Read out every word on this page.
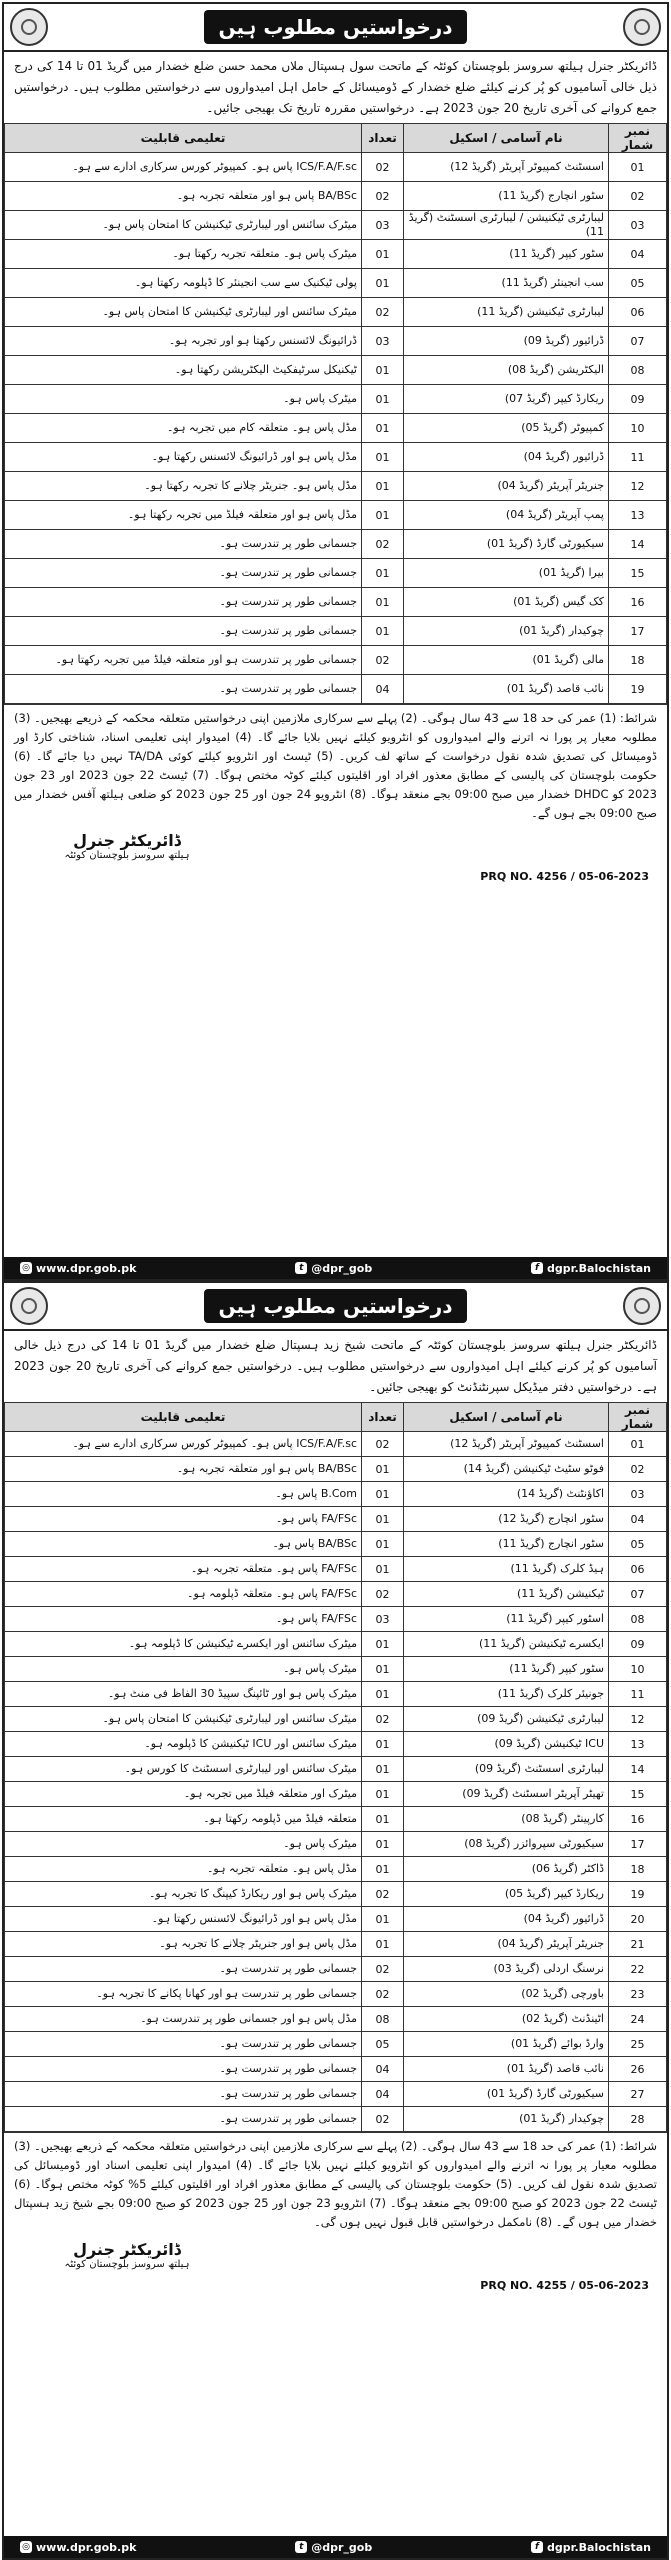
درخواستیں مطلوب ہیں
ڈائریکٹر جنرل ہیلتھ سروسز بلوچستان کوئٹہ کے ماتحت سول ہسپتال ملاں محمد حسن ضلع خضدار میں گریڈ 01 تا 14 کی درج ذیل خالی آسامیوں کو پُر کرنے کیلئے ضلع خضدار کے ڈومیسائل کے حامل اہل امیدواروں سے درخواستیں مطلوب ہیں۔ درخواستیں جمع کروانے کی آخری تاریخ 20 جون 2023 ہے۔ درخواستیں مقررہ تاریخ تک بھیجی جائیں۔
نمبر شمار	نام آسامی / اسکیل	تعداد	تعلیمی قابلیت
01	اسسٹنٹ کمپیوٹر آپریٹر (گریڈ 12)	02	ICS/F.A/F.sc پاس ہو۔ کمپیوٹر کورس سرکاری ادارے سے ہو۔
02	سٹور انچارج (گریڈ 11)	02	BA/BSc پاس ہو اور متعلقہ تجربہ ہو۔
03	لیبارٹری ٹیکنیشن / لیبارٹری اسسٹنٹ (گریڈ 11)	03	میٹرک سائنس اور لیبارٹری ٹیکنیشن کا امتحان پاس ہو۔
04	سٹور کیپر (گریڈ 11)	01	میٹرک پاس ہو۔ متعلقہ تجربہ رکھتا ہو۔
05	سب انجینئر (گریڈ 11)	01	پولی ٹیکنیک سے سب انجینئر کا ڈپلومہ رکھتا ہو۔
06	لیبارٹری ٹیکنیشن (گریڈ 11)	02	میٹرک سائنس اور لیبارٹری ٹیکنیشن کا امتحان پاس ہو۔
07	ڈرائیور (گریڈ 09)	03	ڈرائیونگ لائسنس رکھتا ہو اور تجربہ ہو۔
08	الیکٹریشن (گریڈ 08)	01	ٹیکنیکل سرٹیفکیٹ الیکٹریشن رکھتا ہو۔
09	ریکارڈ کیپر (گریڈ 07)	01	میٹرک پاس ہو۔
10	کمپیوٹر (گریڈ 05)	01	مڈل پاس ہو۔ متعلقہ کام میں تجربہ ہو۔
11	ڈرائیور (گریڈ 04)	01	مڈل پاس ہو اور ڈرائیونگ لائسنس رکھتا ہو۔
12	جنریٹر آپریٹر (گریڈ 04)	01	مڈل پاس ہو۔ جنریٹر چلانے کا تجربہ رکھتا ہو۔
13	پمپ آپریٹر (گریڈ 04)	01	مڈل پاس ہو اور متعلقہ فیلڈ میں تجربہ رکھتا ہو۔
14	سیکیورٹی گارڈ (گریڈ 01)	02	جسمانی طور پر تندرست ہو۔
15	بیرا (گریڈ 01)	01	جسمانی طور پر تندرست ہو۔
16	کک گیس (گریڈ 01)	01	جسمانی طور پر تندرست ہو۔
17	چوکیدار (گریڈ 01)	01	جسمانی طور پر تندرست ہو۔
18	مالی (گریڈ 01)	02	جسمانی طور پر تندرست ہو اور متعلقہ فیلڈ میں تجربہ رکھتا ہو۔
19	نائب قاصد (گریڈ 01)	04	جسمانی طور پر تندرست ہو۔
شرائط: (1) عمر کی حد 18 سے 43 سال ہوگی۔ (2) پہلے سے سرکاری ملازمین اپنی درخواستیں متعلقہ محکمہ کے ذریعے بھیجیں۔ (3) مطلوبہ معیار پر پورا نہ اترنے والے امیدواروں کو انٹرویو کیلئے نہیں بلایا جائے گا۔ (4) امیدوار اپنی تعلیمی اسناد، شناختی کارڈ اور ڈومیسائل کی تصدیق شدہ نقول درخواست کے ساتھ لف کریں۔ (5) ٹیسٹ اور انٹرویو کیلئے کوئی TA/DA نہیں دیا جائے گا۔ (6) حکومت بلوچستان کی پالیسی کے مطابق معذور افراد اور اقلیتوں کیلئے کوٹہ مختص ہوگا۔ (7) ٹیسٹ 22 جون 2023 اور 23 جون 2023 کو DHDC خضدار میں صبح 09:00 بجے منعقد ہوگا۔ (8) انٹرویو 24 جون اور 25 جون 2023 کو ضلعی ہیلتھ آفس خضدار میں صبح 09:00 بجے ہوں گے۔
ڈائریکٹر جنرل
ہیلتھ سروسز بلوچستان کوئٹہ
PRQ NO. 4256 / 05-06-2023
◎ www.dpr.gob.pk	t @dpr_gob	f dgpr.Balochistan
درخواستیں مطلوب ہیں
ڈائریکٹر جنرل ہیلتھ سروسز بلوچستان کوئٹہ کے ماتحت شیخ زید ہسپتال ضلع خضدار میں گریڈ 01 تا 14 کی درج ذیل خالی آسامیوں کو پُر کرنے کیلئے اہل امیدواروں سے درخواستیں مطلوب ہیں۔ درخواستیں جمع کروانے کی آخری تاریخ 20 جون 2023 ہے۔ درخواستیں دفتر میڈیکل سپرنٹنڈنٹ کو بھیجی جائیں۔
نمبر شمار	نام آسامی / اسکیل	تعداد	تعلیمی قابلیت
01	اسسٹنٹ کمپیوٹر آپریٹر (گریڈ 12)	02	ICS/F.A/F.sc پاس ہو۔ کمپیوٹر کورس سرکاری ادارے سے ہو۔
02	فوٹو سٹیٹ ٹیکنیشن (گریڈ 14)	01	BA/BSc پاس ہو اور متعلقہ تجربہ ہو۔
03	اکاؤنٹنٹ (گریڈ 14)	01	B.Com پاس ہو۔
04	سٹور انچارج (گریڈ 12)	01	FA/FSc پاس ہو۔
05	سٹور انچارج (گریڈ 11)	01	BA/BSc پاس ہو۔
06	ہیڈ کلرک (گریڈ 11)	01	FA/FSc پاس ہو۔ متعلقہ تجربہ ہو۔
07	ٹیکنیشن (گریڈ 11)	02	FA/FSc پاس ہو۔ متعلقہ ڈپلومہ ہو۔
08	اسٹور کیپر (گریڈ 11)	03	FA/FSc پاس ہو۔
09	ایکسرے ٹیکنیشن (گریڈ 11)	01	میٹرک سائنس اور ایکسرے ٹیکنیشن کا ڈپلومہ ہو۔
10	سٹور کیپر (گریڈ 11)	01	میٹرک پاس ہو۔
11	جونیئر کلرک (گریڈ 11)	01	میٹرک پاس ہو اور ٹائپنگ سپیڈ 30 الفاظ فی منٹ ہو۔
12	لیبارٹری ٹیکنیشن (گریڈ 09)	02	میٹرک سائنس اور لیبارٹری ٹیکنیشن کا امتحان پاس ہو۔
13	ICU ٹیکنیشن (گریڈ 09)	01	میٹرک سائنس اور ICU ٹیکنیشن کا ڈپلومہ ہو۔
14	لیبارٹری اسسٹنٹ (گریڈ 09)	01	میٹرک سائنس اور لیبارٹری اسسٹنٹ کا کورس ہو۔
15	تھیٹر آپریٹر اسسٹنٹ (گریڈ 09)	01	میٹرک اور متعلقہ فیلڈ میں تجربہ ہو۔
16	کارپینٹر (گریڈ 08)	01	متعلقہ فیلڈ میں ڈپلومہ رکھتا ہو۔
17	سیکیورٹی سپروائزر (گریڈ 08)	01	میٹرک پاس ہو۔
18	ڈاکٹر (گریڈ 06)	01	مڈل پاس ہو۔ متعلقہ تجربہ ہو۔
19	ریکارڈ کیپر (گریڈ 05)	02	میٹرک پاس ہو اور ریکارڈ کیپنگ کا تجربہ ہو۔
20	ڈرائیور (گریڈ 04)	01	مڈل پاس ہو اور ڈرائیونگ لائسنس رکھتا ہو۔
21	جنریٹر آپریٹر (گریڈ 04)	01	مڈل پاس ہو اور جنریٹر چلانے کا تجربہ ہو۔
22	نرسنگ اردلی (گریڈ 03)	02	جسمانی طور پر تندرست ہو۔
23	باورچی (گریڈ 02)	02	جسمانی طور پر تندرست ہو اور کھانا پکانے کا تجربہ ہو۔
24	اٹینڈنٹ (گریڈ 02)	08	مڈل پاس ہو اور جسمانی طور پر تندرست ہو۔
25	وارڈ بوائے (گریڈ 01)	05	جسمانی طور پر تندرست ہو۔
26	نائب قاصد (گریڈ 01)	04	جسمانی طور پر تندرست ہو۔
27	سیکیورٹی گارڈ (گریڈ 01)	04	جسمانی طور پر تندرست ہو۔
28	چوکیدار (گریڈ 01)	02	جسمانی طور پر تندرست ہو۔
شرائط: (1) عمر کی حد 18 سے 43 سال ہوگی۔ (2) پہلے سے سرکاری ملازمین اپنی درخواستیں متعلقہ محکمہ کے ذریعے بھیجیں۔ (3) مطلوبہ معیار پر پورا نہ اترنے والے امیدواروں کو انٹرویو کیلئے نہیں بلایا جائے گا۔ (4) امیدوار اپنی تعلیمی اسناد اور ڈومیسائل کی تصدیق شدہ نقول لف کریں۔ (5) حکومت بلوچستان کی پالیسی کے مطابق معذور افراد اور اقلیتوں کیلئے 5% کوٹہ مختص ہوگا۔ (6) ٹیسٹ 22 جون 2023 کو صبح 09:00 بجے منعقد ہوگا۔ (7) انٹرویو 23 جون اور 25 جون 2023 کو صبح 09:00 بجے شیخ زید ہسپتال خضدار میں ہوں گے۔ (8) نامکمل درخواستیں قابل قبول نہیں ہوں گی۔
ڈائریکٹر جنرل
ہیلتھ سروسز بلوچستان کوئٹہ
PRQ NO. 4255 / 05-06-2023
◎ www.dpr.gob.pk	t @dpr_gob	f dgpr.Balochistan
